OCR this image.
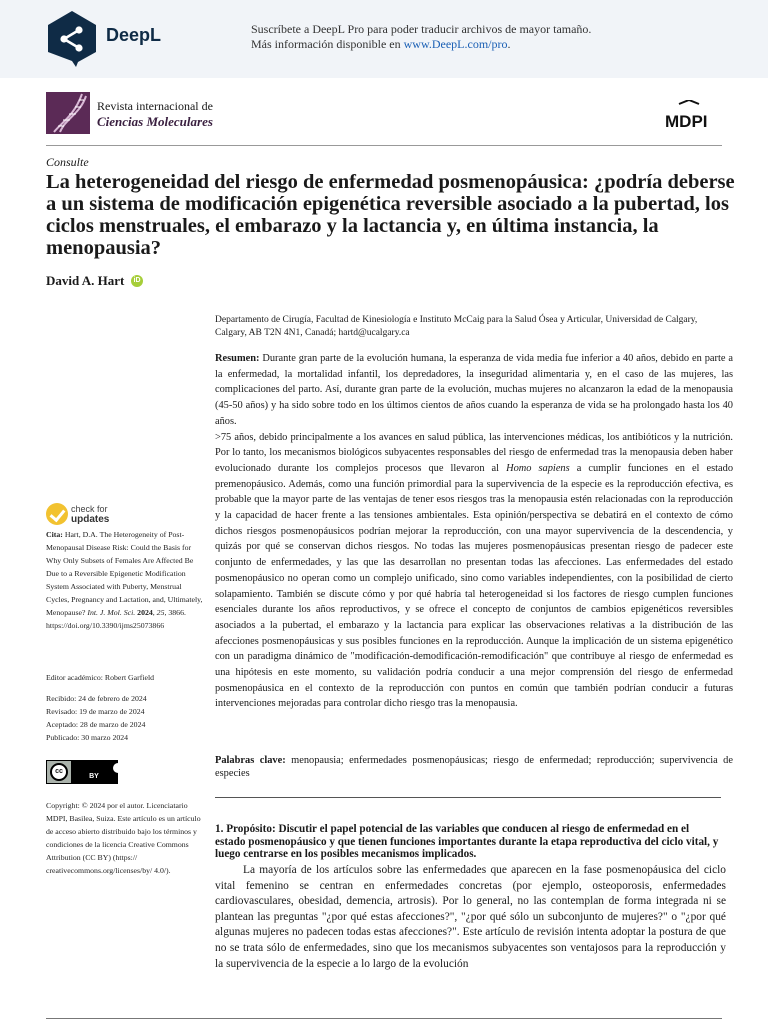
DeepL	Suscríbete a DeepL Pro para poder traducir archivos de mayor tamaño.
Más información disponible en www.DeepL.com/pro.
Revista internacional de
Ciencias Moleculares	MDPI
Consulte
La heterogeneidad del riesgo de enfermedad posmenopáusica: ¿podría deberse a un sistema de modificación epigenética reversible asociado a la pubertad, los ciclos menstruales, el embarazo y la lactancia y, en última instancia, la menopausia?
David A. Hart	iD
Departamento de Cirugía, Facultad de Kinesiología e Instituto McCaig para la Salud Ósea y Articular, Universidad de Calgary, Calgary, AB T2N 4N1, Canadá; hartd@ucalgary.ca

Resumen: Durante gran parte de la evolución humana, la esperanza de vida media fue inferior a 40 años, debido en parte a la enfermedad, la mortalidad infantil, los depredadores, la inseguridad alimentaria y, en el caso de las mujeres, las complicaciones del parto. Así, durante gran parte de la evolución, muchas mujeres no alcanzaron la edad de la menopausia (45-50 años) y ha sido sobre todo en los últimos cientos de años cuando la esperanza de vida se ha prolongado hasta los 40 años.

>75 años, debido principalmente a los avances en salud pública, las intervenciones médicas, los antibióticos y la nutrición. Por lo tanto, los mecanismos biológicos subyacentes responsables del riesgo de enfermedad tras la menopausia deben haber evolucionado durante los complejos procesos que llevaron al Homo sapiens a cumplir funciones en el estado premenopáusico. Además, como una función primordial para la supervivencia de la especie es la reproducción efectiva, es probable que la mayor parte de las ventajas de tener esos riesgos tras la menopausia estén relacionadas con la reproducción y la capacidad de hacer frente a las tensiones ambientales. Esta opinión/perspectiva se debatirá en el contexto de cómo dichos riesgos posmenopáusicos podrían mejorar la reproducción, con una mayor supervivencia de la descendencia, y quizás por qué se conservan dichos riesgos. No todas las mujeres posmenopáusicas presentan riesgo de padecer este conjunto de enfermedades, y las que las desarrollan no presentan todas las afecciones. Las enfermedades del estado posmenopáusico no operan como un complejo unificado, sino como variables independientes, con la posibilidad de cierto solapamiento. También se discute cómo y por qué habría tal heterogeneidad si los factores de riesgo cumplen funciones esenciales durante los años reproductivos, y se ofrece el concepto de conjuntos de cambios epigenéticos reversibles asociados a la pubertad, el embarazo y la lactancia para explicar las observaciones relativas a la distribución de las afecciones posmenopáusicas y sus posibles funciones en la reproducción. Aunque la implicación de un sistema epigenético con un paradigma dinámico de "modificación-demodificación-remodificación" que contribuye al riesgo de enfermedad es una hipótesis en este momento, su validación podría conducir a una mejor comprensión del riesgo de enfermedad posmenopáusica en el contexto de la reproducción con puntos en común que también podrían conducir a futuras intervenciones mejoradas para controlar dicho riesgo tras la menopausia.

Palabras clave: menopausia; enfermedades posmenopáusicas; riesgo de enfermedad; reproducción; supervivencia de especies
check for
updates
Cita: Hart, D.A. The Heterogeneity of Post-Menopausal Disease Risk: Could the Basis for Why Only Subsets of Females Are Affected Be Due to a Reversible Epigenetic Modification System Associated with Puberty, Menstrual Cycles, Pregnancy and Lactation, and, Ultimately, Menopause? Int. J. Mol. Sci. 2024, 25, 3866. https://doi.org/10.3390/ijms25073866
Editor académico: Robert Garfield
Recibido: 24 de febrero de 2024
Revisado: 19 de marzo de 2024
Aceptado: 28 de marzo de 2024
Publicado: 30 marzo 2024
cc
BY
Copyright: © 2024 por el autor. Licenciatario MDPI, Basilea, Suiza. Este artículo es un artículo de acceso abierto distribuido bajo los términos y condiciones de la licencia Creative Commons Attribution (CC BY) (https:// creativecommons.org/licenses/by/ 4.0/).
1. Propósito: Discutir el papel potencial de las variables que conducen al riesgo de enfermedad en el estado posmenopáusico y que tienen funciones importantes durante la etapa reproductiva del ciclo vital, y luego centrarse en los posibles mecanismos implicados.
La mayoría de los artículos sobre las enfermedades que aparecen en la fase posmenopáusica del ciclo vital femenino se centran en enfermedades concretas (por ejemplo, osteoporosis, enfermedades cardiovasculares, obesidad, demencia, artrosis). Por lo general, no las contemplan de forma integrada ni se plantean las preguntas "¿por qué estas afecciones?", "¿por qué sólo un subconjunto de mujeres?" o "¿por qué algunas mujeres no padecen todas estas afecciones?". Este artículo de revisión intenta adoptar la postura de que no se trata sólo de enfermedades, sino que los mecanismos subyacentes son ventajosos para la reproducción y la supervivencia de la especie a lo largo de la evolución
